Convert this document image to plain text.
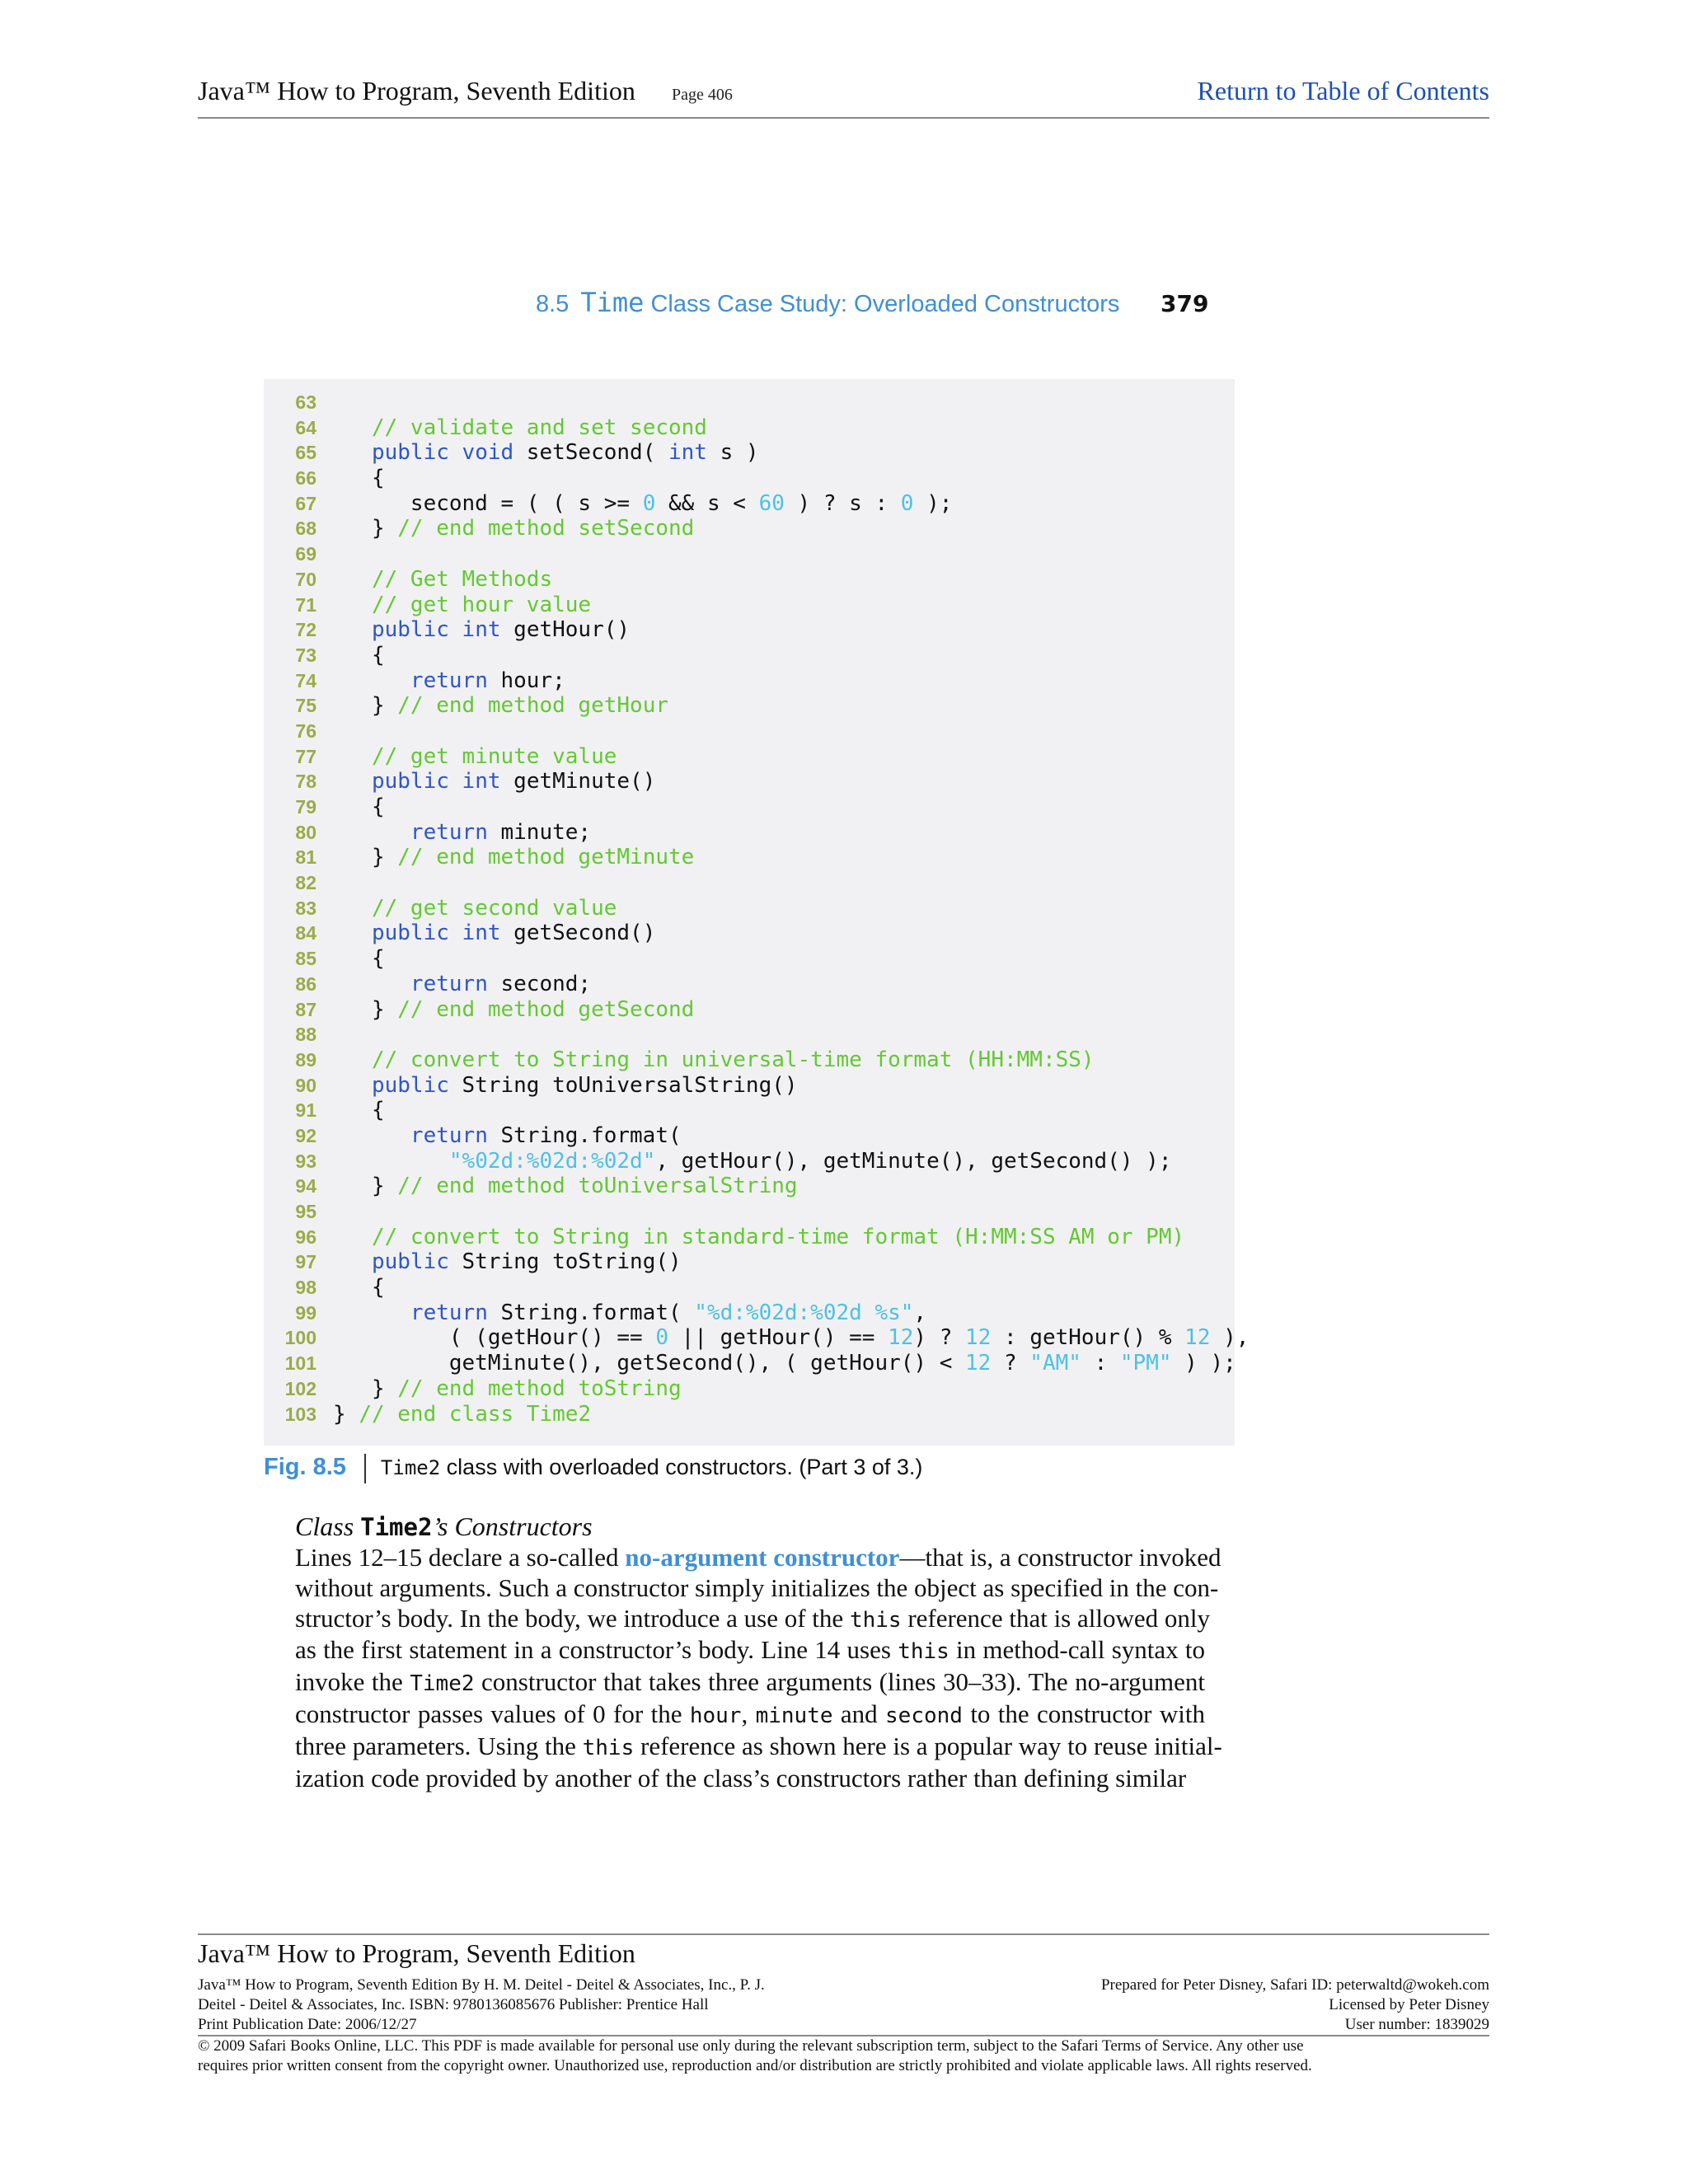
Java™ How to Program, Seventh Edition Page 406	Return to Table of Contents
8.5 Time Class Case Study: Overloaded Constructors 379
63
64	// validate and set second
65	public void setSecond( int s )
66   {
67      second = ( ( s >= 0 && s < 60 ) ? s : 0 );
68   } // end method setSecond
69
70	// Get Methods
71	// get hour value
72	public int getHour()
73   {
74	return hour;
75   } // end method getHour
76
77	// get minute value
78	public int getMinute()
79   {
80	return minute;
81   } // end method getMinute
82
83	// get second value
84	public int getSecond()
85   {
86	return second;
87   } // end method getSecond
88
89	// convert to String in universal-time format (HH:MM:SS)
90	public String toUniversalString()
91   {
92	return String.format(
93	"%02d:%02d:%02d", getHour(), getMinute(), getSecond() );
94   } // end method toUniversalString
95
96	// convert to String in standard-time format (H:MM:SS AM or PM)
97	public String toString()
98   {
99	return String.format( "%d:%02d:%02d %s",
100         ( (getHour() == 0 || getHour() == 12) ? 12 : getHour() % 12 ),
101         getMinute(), getSecond(), ( getHour() < 12 ? "AM" : "PM" ) );
102   } // end method toString
103 } // end class Time2
Fig. 8.5 Time2 class with overloaded constructors. (Part 3 of 3.)
Class Time2’s Constructors
Lines 12–15 declare a so-called no-argument constructor—that is, a constructor invoked
without arguments. Such a constructor simply initializes the object as specified in the con-
structor’s body. In the body, we introduce a use of the this reference that is allowed only
as the first statement in a constructor’s body. Line 14 uses this in method-call syntax to
invoke the Time2 constructor that takes three arguments (lines 30–33). The no-argument
constructor passes values of 0 for the hour, minute and second to the constructor with
three parameters. Using the this reference as shown here is a popular way to reuse initial-
ization code provided by another of the class’s constructors rather than defining similar
Java™ How to Program, Seventh Edition
Java™ How to Program, Seventh Edition By H. M. Deitel - Deitel & Associates, Inc., P. J.
Deitel - Deitel & Associates, Inc. ISBN: 9780136085676 Publisher: Prentice Hall
Print Publication Date: 2006/12/27
Prepared for Peter Disney, Safari ID: peterwaltd@wokeh.com
Licensed by Peter Disney
User number: 1839029
© 2009 Safari Books Online, LLC. This PDF is made available for personal use only during the relevant subscription term, subject to the Safari Terms of Service. Any other use
requires prior written consent from the copyright owner. Unauthorized use, reproduction and/or distribution are strictly prohibited and violate applicable laws. All rights reserved.
